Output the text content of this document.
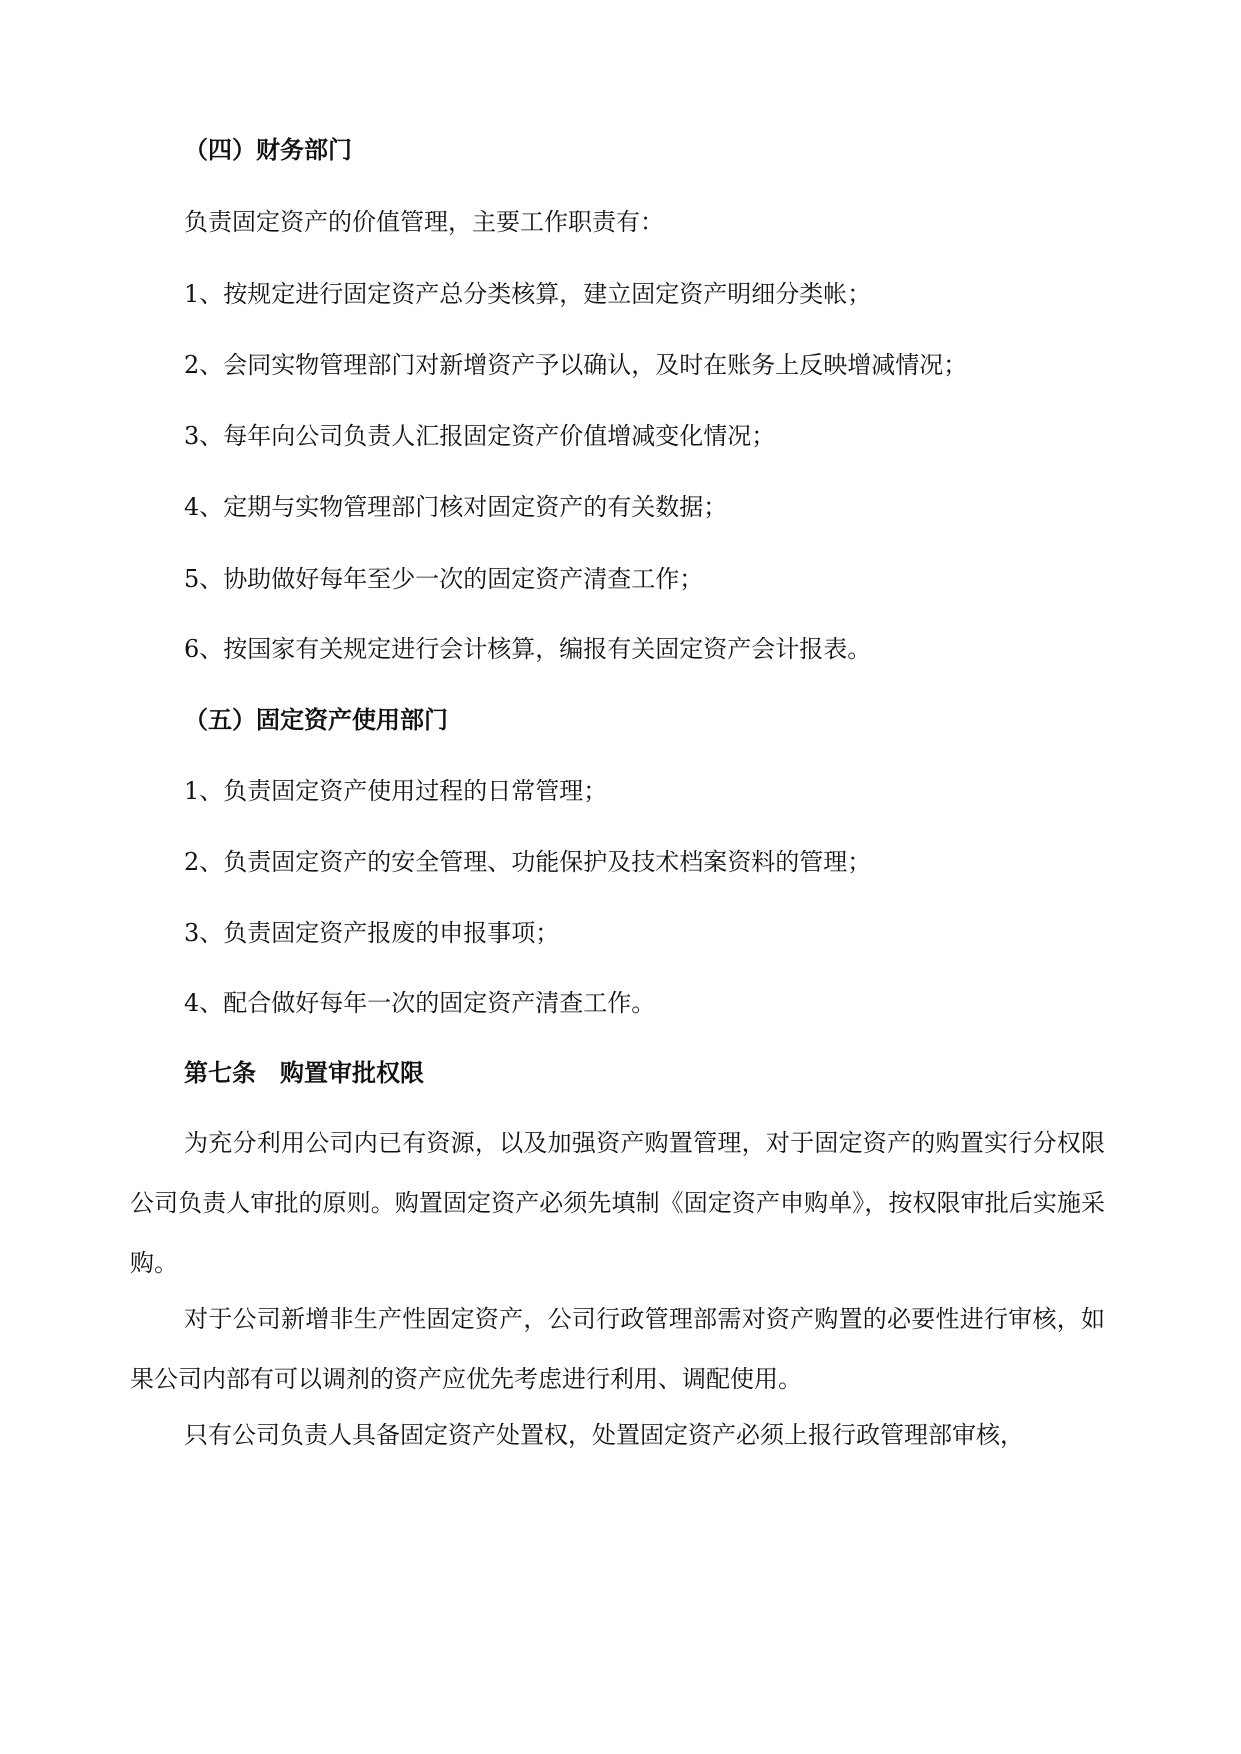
（四）财务部门
负责固定资产的价值管理，主要工作职责有：
1、按规定进行固定资产总分类核算，建立固定资产明细分类帐；
2、会同实物管理部门对新增资产予以确认，及时在账务上反映增减情况；
3、每年向公司负责人汇报固定资产价值增减变化情况；
4、定期与实物管理部门核对固定资产的有关数据；
5、协助做好每年至少一次的固定资产清查工作；
6、按国家有关规定进行会计核算，编报有关固定资产会计报表。
（五）固定资产使用部门
1、负责固定资产使用过程的日常管理；
2、负责固定资产的安全管理、功能保护及技术档案资料的管理；
3、负责固定资产报废的申报事项；
4、配合做好每年一次的固定资产清查工作。
第七条 购置审批权限
为充分利用公司内已有资源，以及加强资产购置管理，对于固定资产的购置实行分权限公司负责人审批的原则。购置固定资产必须先填制《固定资产申购单》，按权限审批后实施采购。
对于公司新增非生产性固定资产，公司行政管理部需对资产购置的必要性进行审核，如果公司内部有可以调剂的资产应优先考虑进行利用、调配使用。
只有公司负责人具备固定资产处置权，处置固定资产必须上报行政管理部审核，
